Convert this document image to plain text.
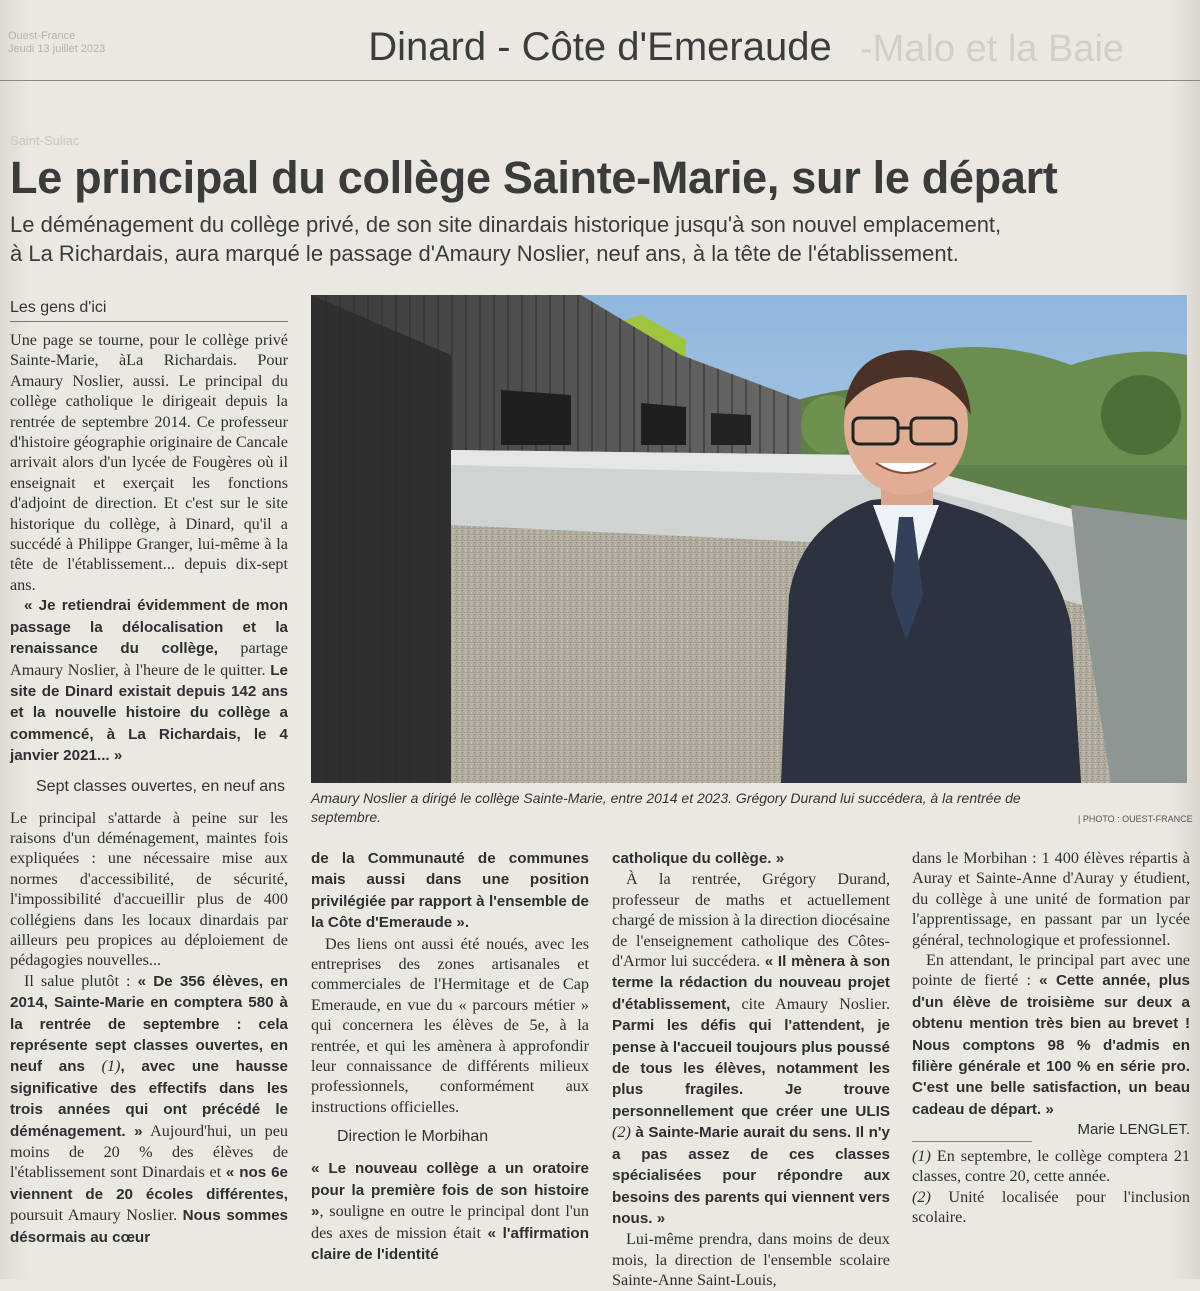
Ouest-France
Jeudi 13 juillet 2023
Saint-Suliac
-Malo et la Baie
Dinard - Côte d'Emeraude
Le principal du collège Sainte-Marie, sur le départ
Le déménagement du collège privé, de son site dinardais historique jusqu'à son nouvel emplacement,
à La Richardais, aura marqué le passage d'Amaury Noslier, neuf ans, à la tête de l'établissement.
Les gens d'ici

Une page se tourne, pour le collège privé Sainte-Marie, àLa Richardais. Pour Amaury Noslier, aussi. Le principal du collège catholique le dirigeait depuis la rentrée de septembre 2014. Ce professeur d'histoire géographie originaire de Cancale arrivait alors d'un lycée de Fougères où il enseignait et exerçait les fonctions d'adjoint de direction. Et c'est sur le site historique du collège, à Dinard, qu'il a succédé à Philippe Granger, lui-même à la tête de l'établissement... depuis dix-sept ans.

« Je retiendrai évidemment de mon passage la délocalisation et la renaissance du collège, partage Amaury Noslier, à l'heure de le quitter. Le site de Dinard existait depuis 142 ans et la nouvelle histoire du collège a commencé, à La Richardais, le 4 janvier 2021... »

Sept classes ouvertes, en neuf ans

Le principal s'attarde à peine sur les raisons d'un déménagement, maintes fois expliquées : une nécessaire mise aux normes d'accessibilité, de sécurité, l'impossibilité d'accueillir plus de 400 collégiens dans les locaux dinardais par ailleurs peu propices au déploiement de pédagogies nouvelles...

Il salue plutôt : « De 356 élèves, en 2014, Sainte-Marie en comptera 580 à la rentrée de septembre : cela représente sept classes ouvertes, en neuf ans (1), avec une hausse significative des effectifs dans les trois années qui ont précédé le déménagement. » Aujourd'hui, un peu moins de 20 % des élèves de l'établissement sont Dinardais et « nos 6e viennent de 20 écoles différentes, poursuit Amaury Noslier. Nous sommes désormais au cœur

Amaury Noslier a dirigé le collège Sainte-Marie, entre 2014 et 2023. Grégory Durand lui succédera, à la rentrée de septembre.	| PHOTO : OUEST-FRANCE

de la Communauté de communes mais aussi dans une position privilégiée par rapport à l'ensemble de la Côte d'Emeraude ».

Des liens ont aussi été noués, avec les entreprises des zones artisanales et commerciales de l'Hermitage et de Cap Emeraude, en vue du « parcours métier » qui concernera les élèves de 5e, à la rentrée, et qui les amènera à approfondir leur connaissance de différents milieux professionnels, conformément aux instructions officielles.

Direction le Morbihan

« Le nouveau collège a un oratoire pour la première fois de son histoire », souligne en outre le principal dont l'un des axes de mission était « l'affirmation claire de l'identité

catholique du collège. »

À la rentrée, Grégory Durand, professeur de maths et actuellement chargé de mission à la direction diocésaine de l'enseignement catholique des Côtes-d'Armor lui succédera. « Il mènera à son terme la rédaction du nouveau projet d'établissement, cite Amaury Noslier. Parmi les défis qui l'attendent, je pense à l'accueil toujours plus poussé de tous les élèves, notamment les plus fragiles. Je trouve personnellement que créer une ULIS (2) à Sainte-Marie aurait du sens. Il n'y a pas assez de ces classes spécialisées pour répondre aux besoins des parents qui viennent vers nous. »

Lui-même prendra, dans moins de deux mois, la direction de l'ensemble scolaire Sainte-Anne Saint-Louis,

dans le Morbihan : 1 400 élèves répartis à Auray et Sainte-Anne d'Auray y étudient, du collège à une unité de formation par l'apprentissage, en passant par un lycée général, technologique et professionnel.

En attendant, le principal part avec une pointe de fierté : « Cette année, plus d'un élève de troisième sur deux a obtenu mention très bien au brevet ! Nous comptons 98 % d'admis en filière générale et 100 % en série pro. C'est une belle satisfaction, un beau cadeau de départ. »

Marie LENGLET.

(1) En septembre, le collège comptera 21 classes, contre 20, cette année.

(2) Unité localisée pour l'inclusion scolaire.
